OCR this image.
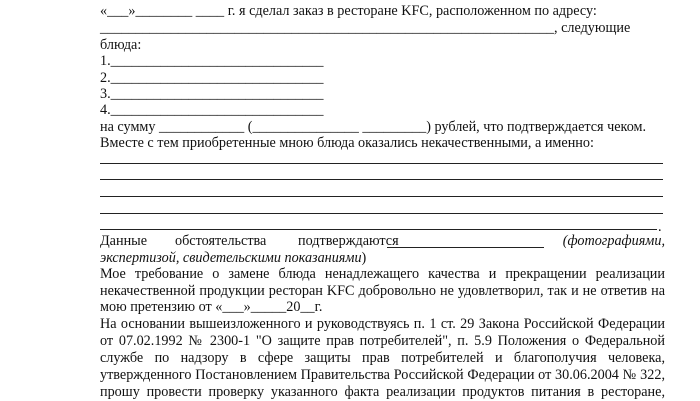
«___»________ ____ г. я сделал заказ в ресторане KFC, расположенном по адресу:
________________________________________________________________, следующие
блюда:
1.______________________________
2.______________________________
3.______________________________
4.______________________________
на сумму ____________ (_______________ _________) рублей, что подтверждается чеком.
Вместе с тем приобретенные мною блюда оказались некачественными, а именно:
.
Данные обстоятельства подтверждаются	(фотографиями,
экспертизой, свидетельскими показаниями)
Мое требование о замене блюда ненадлежащего качества и прекращении реализации
некачественной продукции ресторан KFC добровольно не удовлетворил, так и не ответив на
мою претензию от «___»_____20__г.
На основании вышеизложенного и руководствуясь п. 1 ст. 29 Закона Российской Федерации
от 07.02.1992 № 2300-1 "О защите прав потребителей", п. 5.9 Положения о Федеральной
службе по надзору в сфере защиты прав потребителей и благополучия человека,
утвержденного Постановлением Правительства Российской Федерации от 30.06.2004 № 322,
прошу провести проверку указанного факта реализации продуктов питания в ресторане,
